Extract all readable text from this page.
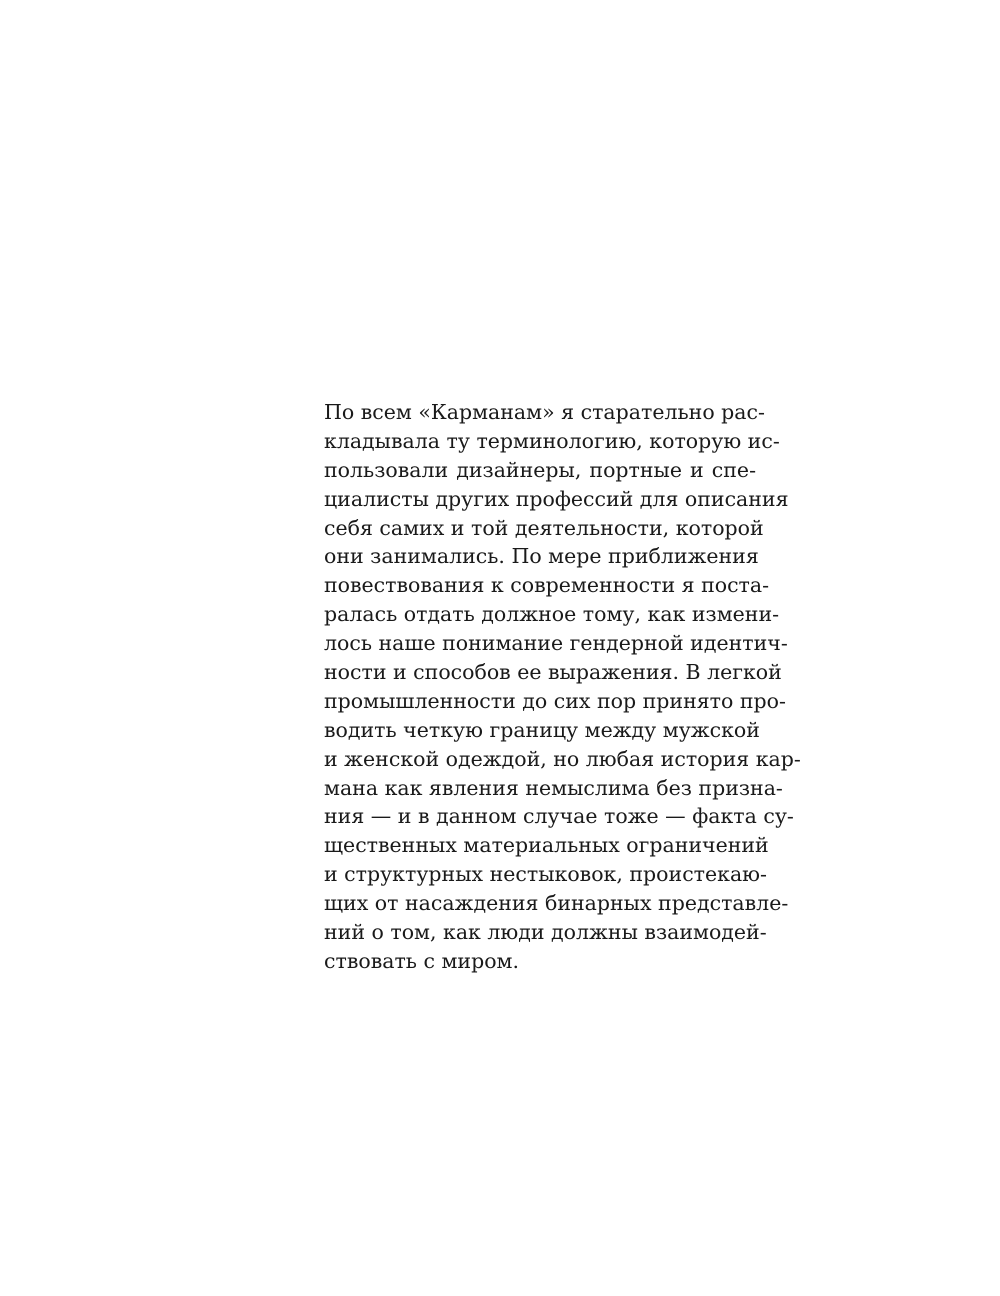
По всем «Карманам» я старательно рас-
кладывала ту терминологию, которую ис-
пользовали дизайнеры, портные и спе-
циалисты других профессий для описания
себя самих и той деятельности, которой
они занимались. По мере приближения
повествования к современности я поста-
ралась отдать должное тому, как измени-
лось наше понимание гендерной идентич-
ности и способов ее выражения. В легкой
промышленности до сих пор принято про-
водить четкую границу между мужской
и женской одеждой, но любая история кар-
мана как явления немыслима без призна-
ния — и в данном случае тоже — факта су-
щественных материальных ограничений
и структурных нестыковок, проистекаю-
щих от насаждения бинарных представле-
ний о том, как люди должны взаимодей-
ствовать с миром.
